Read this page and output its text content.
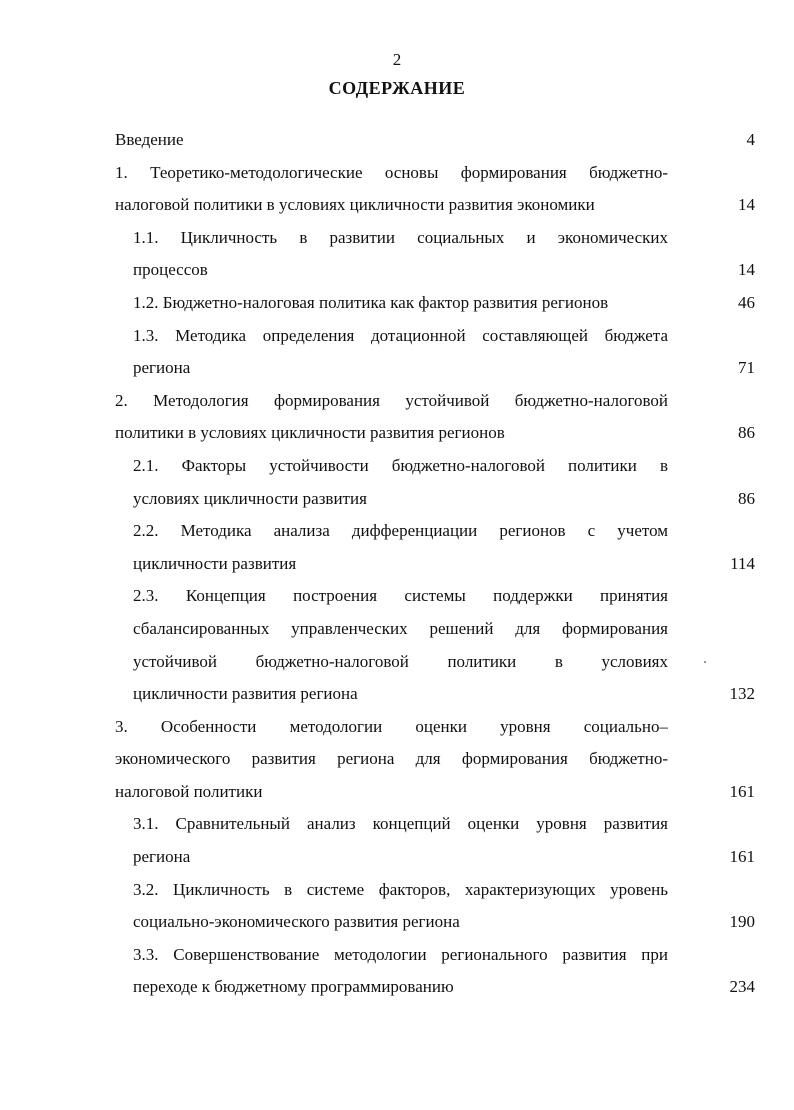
2
СОДЕРЖАНИЕ
Введение	4
1. Теоретико-методологические основы формирования бюджетно-
налоговой политики в условиях цикличности развития экономики	14
1.1. Цикличность в развитии социальных и экономических
процессов	14
1.2. Бюджетно-налоговая политика как фактор развития регионов	46
1.3. Методика определения дотационной составляющей бюджета
региона	71
2. Методология формирования устойчивой бюджетно-налоговой
политики в условиях цикличности развития регионов	86
2.1. Факторы устойчивости бюджетно-налоговой политики в
условиях цикличности развития	86
2.2. Методика анализа дифференциации регионов с учетом
цикличности развития	114
2.3. Концепция построения системы поддержки принятия
сбалансированных управленческих решений для формирования
устойчивой бюджетно-налоговой политики в условиях
цикличности развития региона	132
3. Особенности методологии оценки уровня социально–
экономического развития региона для формирования бюджетно-
налоговой политики	161
3.1. Сравнительный анализ концепций оценки уровня развития
региона	161
3.2. Цикличность в системе факторов, характеризующих уровень
социально-экономического развития региона	190
3.3. Совершенствование методологии регионального развития при
переходе к бюджетному программированию	234
